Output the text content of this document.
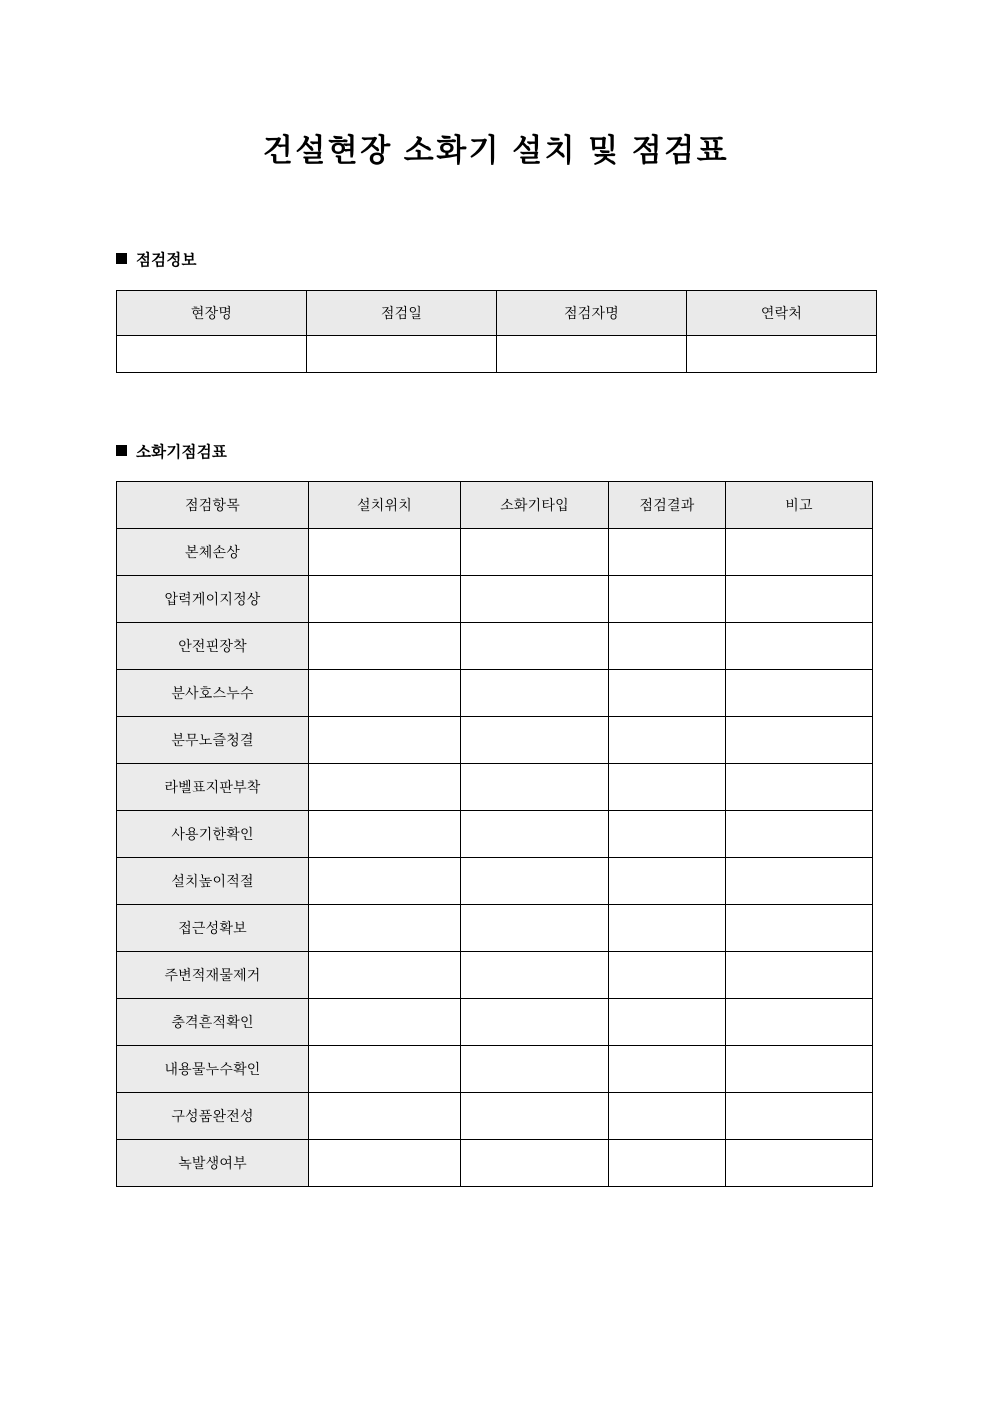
건설현장 소화기 설치 및 점검표
점검정보
현장명	점검일	점검자명	연락처

소화기점검표
점검항목	설치위치	소화기타입	점검결과	비고
본체손상				
압력게이지정상				
안전핀장착				
분사호스누수				
분무노즐청결				
라벨표지판부착				
사용기한확인				
설치높이적절				
접근성확보				
주변적재물제거				
충격흔적확인				
내용물누수확인				
구성품완전성				
녹발생여부				
